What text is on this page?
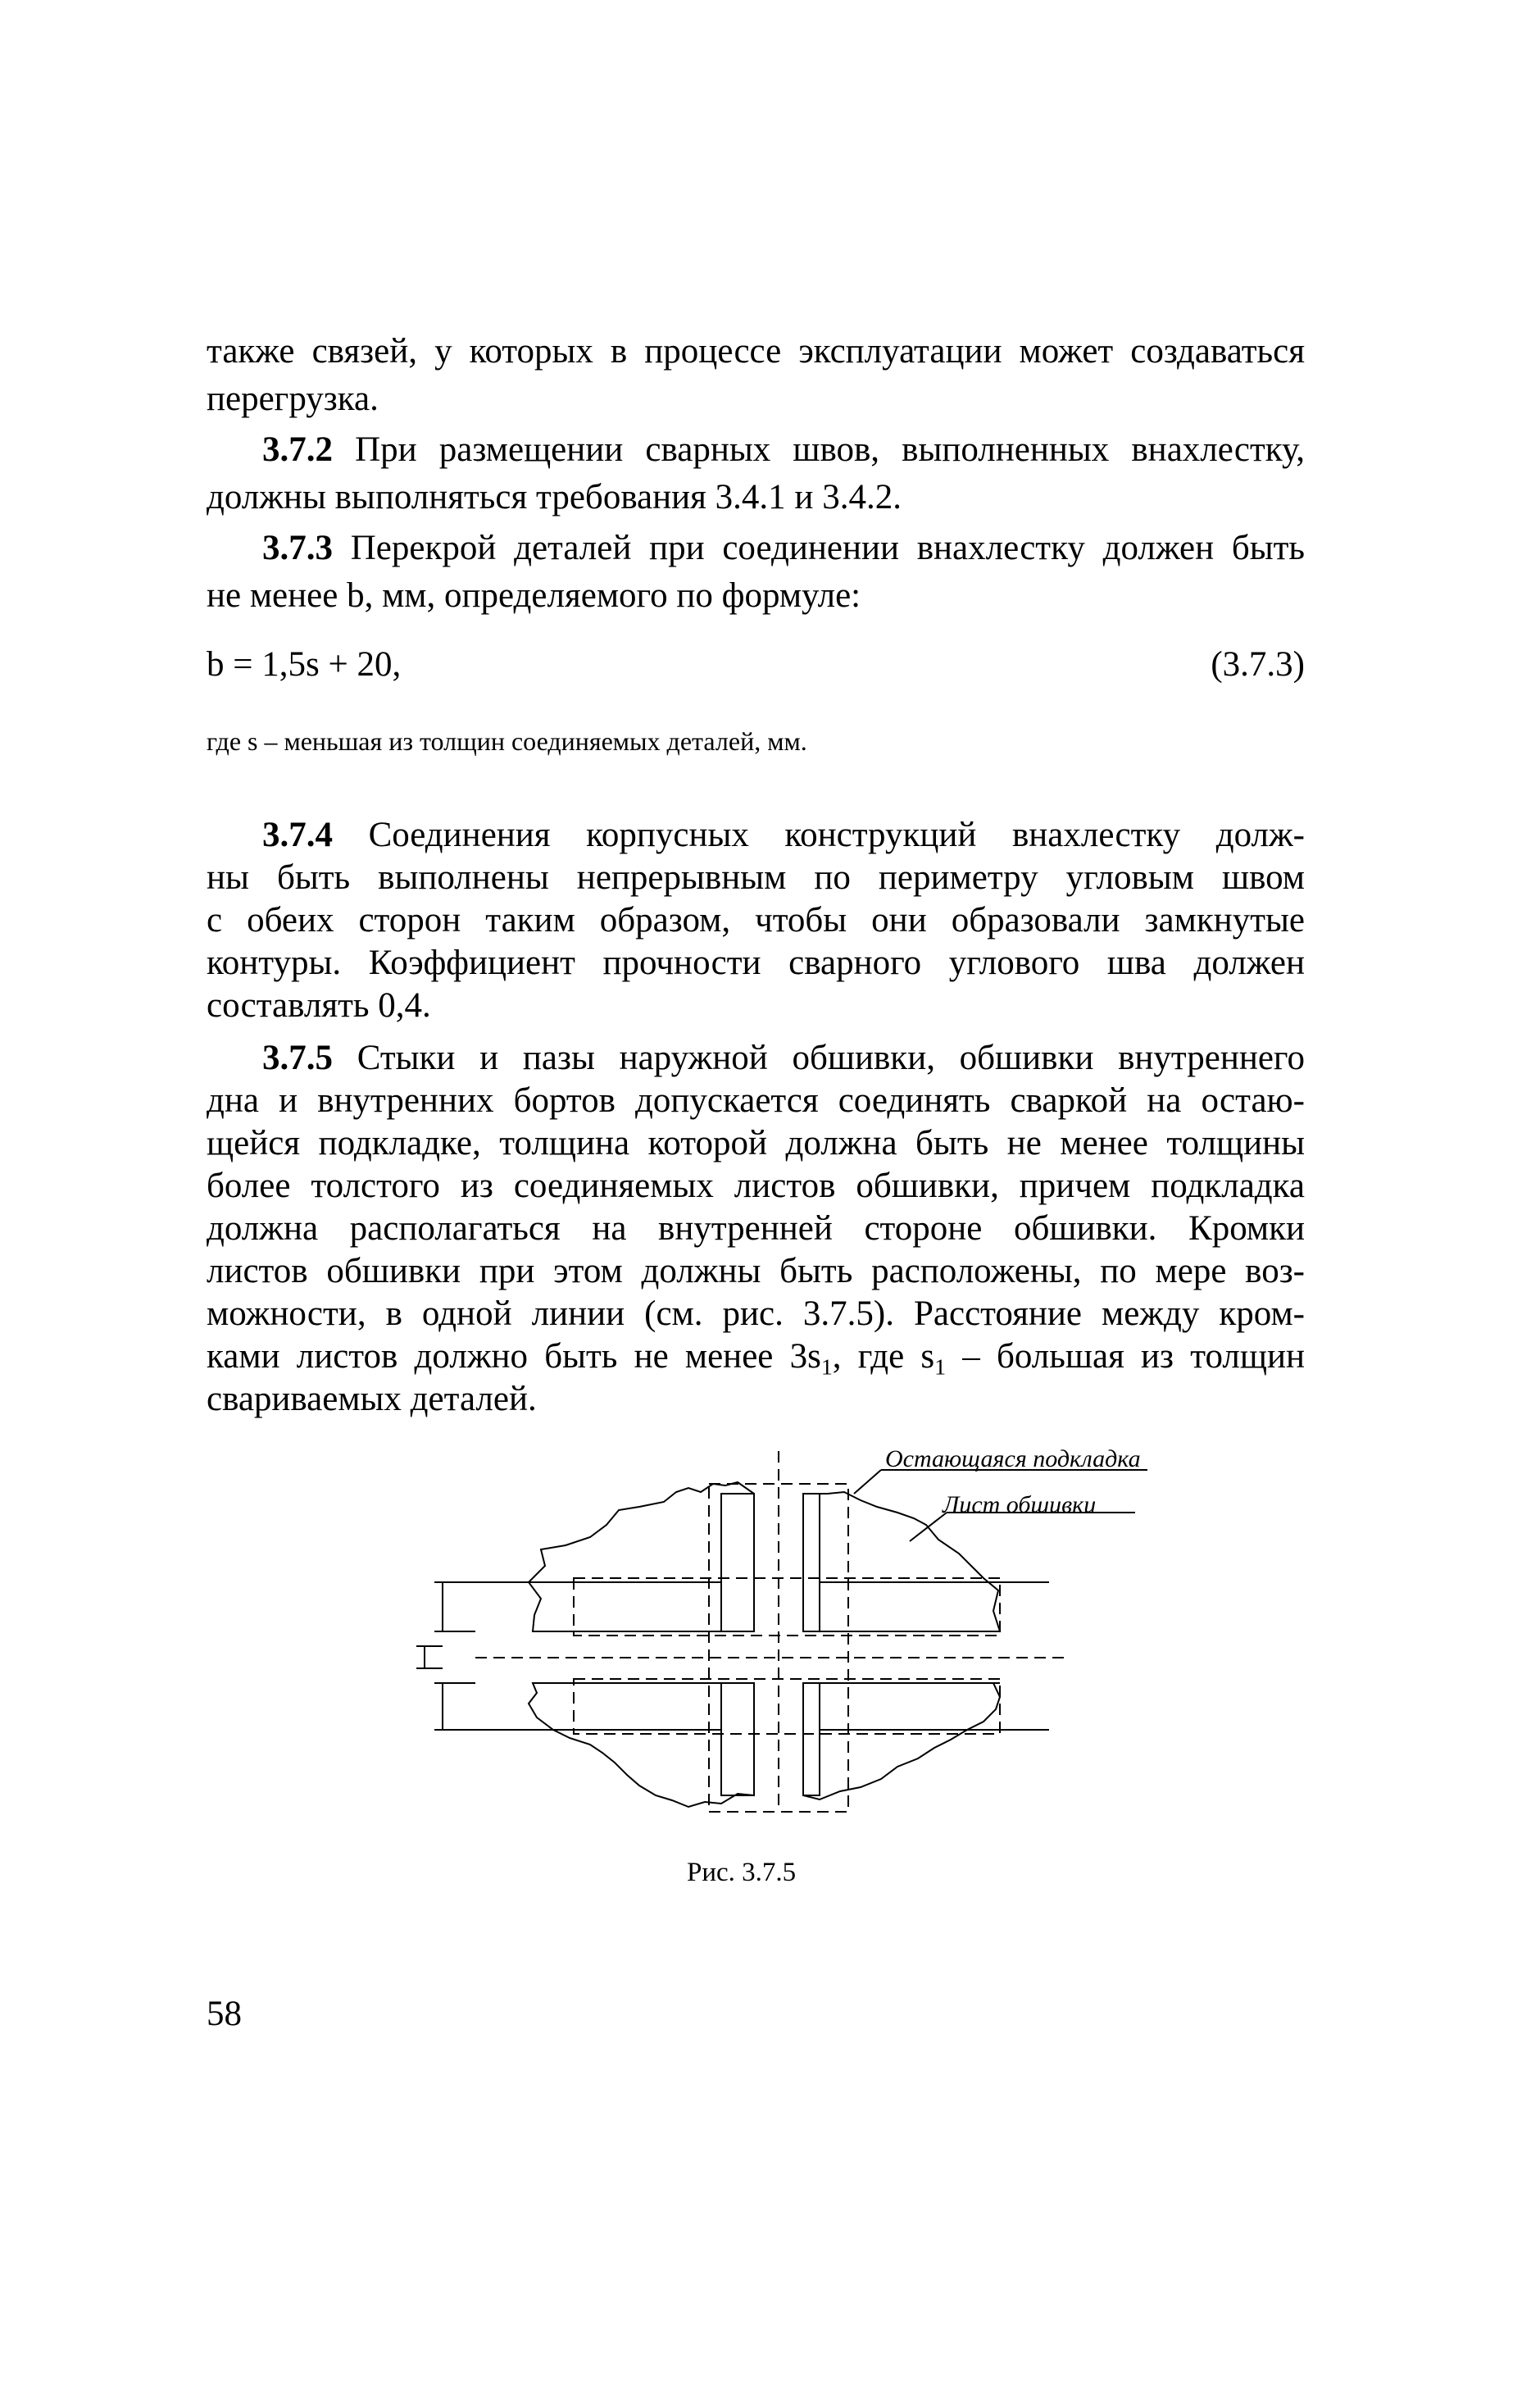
также связей, у которых в процессе эксплуатации может создаваться
перегрузка.
3.7.2 При размещении сварных швов, выполненных внахлестку,
должны выполняться требования 3.4.1 и 3.4.2.
3.7.3 Перекрой деталей при соединении внахлестку должен быть
не менее b, мм, определяемого по формуле:
b = 1,5s + 20,	(3.7.3)
где s – меньшая из толщин соединяемых деталей, мм.
3.7.4 Соединения корпусных конструкций внахлестку долж-
ны быть выполнены непрерывным по периметру угловым швом
с обеих сторон таким образом, чтобы они образовали замкнутые
контуры. Коэффициент прочности сварного углового шва должен
составлять 0,4.
3.7.5 Стыки и пазы наружной обшивки, обшивки внутреннего
дна и внутренних бортов допускается соединять сваркой на остаю-
щейся подкладке, толщина которой должна быть не менее толщины
более толстого из соединяемых листов обшивки, причем подкладка
должна располагаться на внутренней стороне обшивки. Кромки
листов обшивки при этом должны быть расположены, по мере воз-
можности, в одной линии (см. рис. 3.7.5). Расстояние между кром-
ками листов должно быть не менее $3s_1$, где $s_1$ – большая из толщин
свариваемых деталей.
Остающаяся подкладка
Лист обшивки
Рис. 3.7.5
58
